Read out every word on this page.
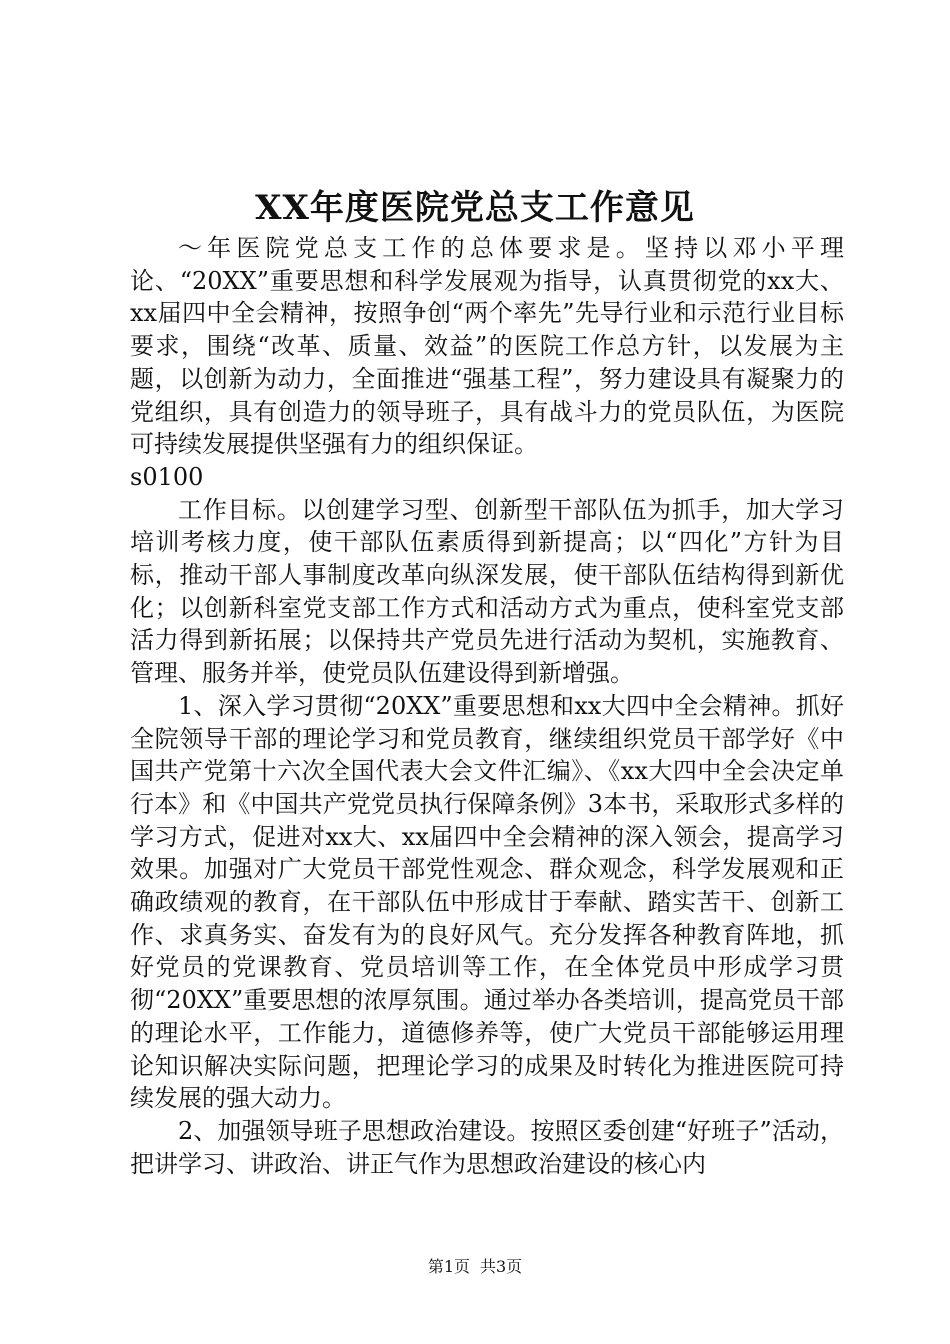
XX年度医院党总支工作意见

～年医院党总支工作的总体要求是。坚持以邓小平理论、“20XX”重要思想和科学发展观为指导，认真贯彻党的xx大、xx届四中全会精神，按照争创“两个率先”先导行业和示范行业目标要求，围绕“改革、质量、效益”的医院工作总方针，以发展为主题，以创新为动力，全面推进“强基工程”，努力建设具有凝聚力的党组织，具有创造力的领导班子，具有战斗力的党员队伍，为医院可持续发展提供坚强有力的组织保证。

s0100

工作目标。以创建学习型、创新型干部队伍为抓手，加大学习培训考核力度，使干部队伍素质得到新提高；以“四化”方针为目标，推动干部人事制度改革向纵深发展，使干部队伍结构得到新优化；以创新科室党支部工作方式和活动方式为重点，使科室党支部活力得到新拓展；以保持共产党员先进行活动为契机，实施教育、管理、服务并举，使党员队伍建设得到新增强。

1、深入学习贯彻“20XX”重要思想和xx大四中全会精神。抓好全院领导干部的理论学习和党员教育，继续组织党员干部学好《中国共产党第十六次全国代表大会文件汇编》、《xx大四中全会决定单行本》和《中国共产党党员执行保障条例》3本书，采取形式多样的学习方式，促进对xx大、xx届四中全会精神的深入领会，提高学习效果。加强对广大党员干部党性观念、群众观念，科学发展观和正确政绩观的教育，在干部队伍中形成甘于奉献、踏实苦干、创新工作、求真务实、奋发有为的良好风气。充分发挥各种教育阵地，抓好党员的党课教育、党员培训等工作，在全体党员中形成学习贯彻“20XX”重要思想的浓厚氛围。通过举办各类培训，提高党员干部的理论水平，工作能力，道德修养等，使广大党员干部能够运用理论知识解决实际问题，把理论学习的成果及时转化为推进医院可持续发展的强大动力。

2、加强领导班子思想政治建设。按照区委创建“好班子”活动，把讲学习、讲政治、讲正气作为思想政治建设的核心内

第1页 共3页
